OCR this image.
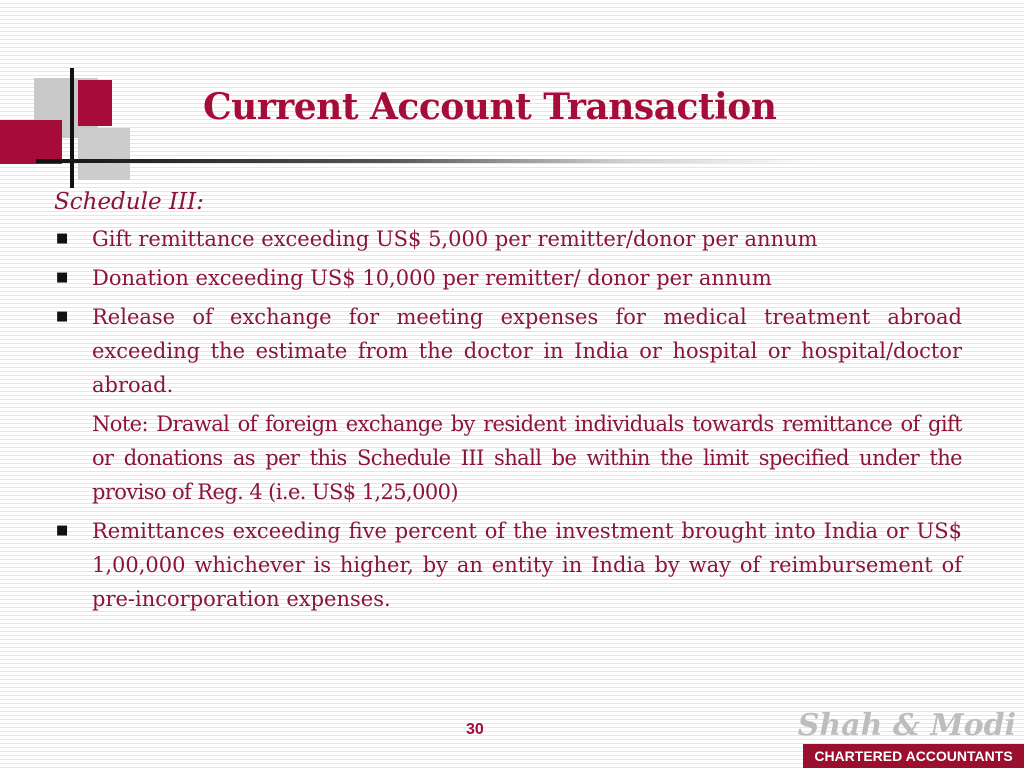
Current Account Transaction
Schedule III:
■ Gift remittance exceeding US$ 5,000 per remitter/donor per annum
■ Donation exceeding US$ 10,000 per remitter/ donor per annum
■ Release of exchange for meeting expenses for medical treatment abroad exceeding the estimate from the doctor in India or hospital or hospital/doctor abroad.
Note: Drawal of foreign exchange by resident individuals towards remittance of gift or donations as per this Schedule III shall be within the limit specified under the proviso of Reg. 4 (i.e. US$ 1,25,000)
■ Remittances exceeding five percent of the investment brought into India or US$ 1,00,000 whichever is higher, by an entity in India by way of reimbursement of pre-incorporation expenses.
30	Shah & Modi
CHARTERED ACCOUNTANTS
